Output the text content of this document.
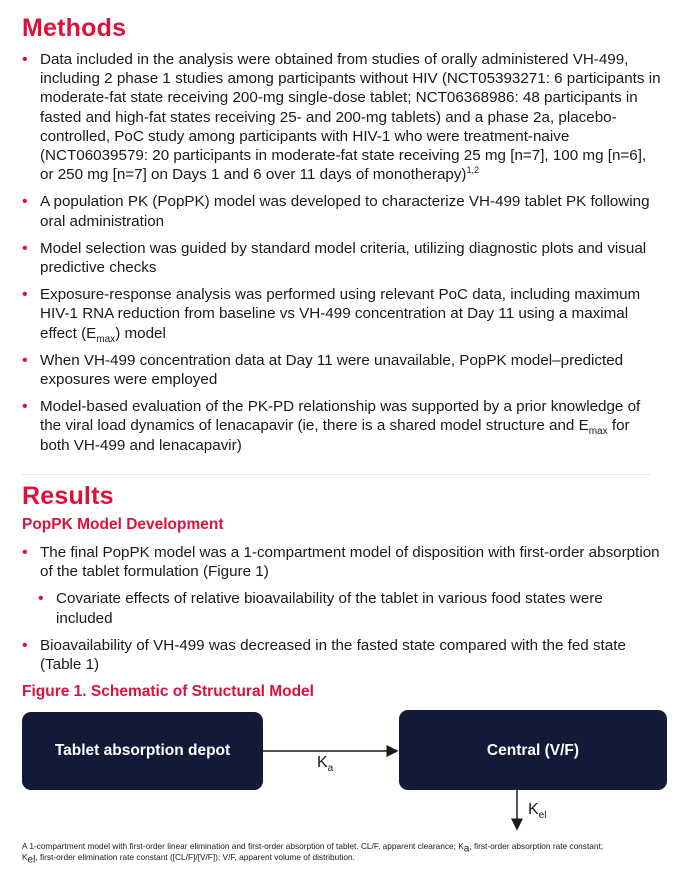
Methods
• Data included in the analysis were obtained from studies of orally administered VH-499, including 2 phase 1 studies among participants without HIV (NCT05393271: 6 participants in moderate-fat state receiving 200-mg single-dose tablet; NCT06368986: 48 participants in fasted and high-fat states receiving 25- and 200-mg tablets) and a phase 2a, placebo-controlled, PoC study among participants with HIV-1 who were treatment-naive (NCT06039579: 20 participants in moderate-fat state receiving 25 mg [n=7], 100 mg [n=6], or 250 mg [n=7] on Days 1 and 6 over 11 days of monotherapy)$^{1,2}$
• A population PK (PopPK) model was developed to characterize VH-499 tablet PK following oral administration
• Model selection was guided by standard model criteria, utilizing diagnostic plots and visual predictive checks
• Exposure-response analysis was performed using relevant PoC data, including maximum HIV-1 RNA reduction from baseline vs VH-499 concentration at Day 11 using a maximal effect $(E_{max})$ model
• When VH-499 concentration data at Day 11 were unavailable, PopPK model–predicted exposures were employed
• Model-based evaluation of the PK-PD relationship was supported by a prior knowledge of the viral load dynamics of lenacapavir (ie, there is a shared model structure and $E_{max}$ for both VH-499 and lenacapavir)
Results
PopPK Model Development
• The final PopPK model was a 1-compartment model of disposition with first-order absorption of the tablet formulation (Figure 1)
• Covariate effects of relative bioavailability of the tablet in various food states were included
• Bioavailability of VH-499 was decreased in the fasted state compared with the fed state (Table 1)
Figure 1. Schematic of Structural Model
Tablet absorption depot	Central (V/F)
$K_a$
$K_{el}$
A 1-compartment model with first-order linear elimination and first-order absorption of tablet. CL/F, apparent clearance; $K_a$, first-order absorption rate constant;
$K_{el}$, first-order elimination rate constant ([CL/F]/[V/F]); V/F, apparent volume of distribution.
